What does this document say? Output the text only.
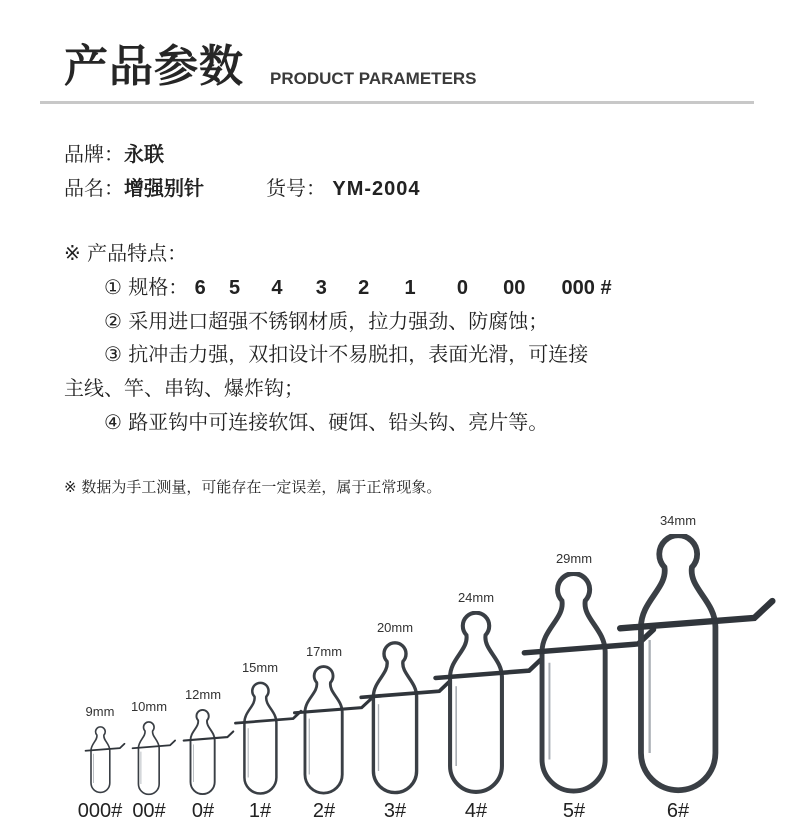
产品参数 PRODUCT PARAMETERS
品牌：永联
品名：增强别针	货号： YM-2004
※ 产品特点：
① 规格： 6 5 4 3 2 1 0 00 000 #
② 采用进口超强不锈钢材质，拉力强劲、防腐蚀；
③ 抗冲击力强，双扣设计不易脱扣，表面光滑，可连接
主线、竿、串钩、爆炸钩；
④ 路亚钩中可连接软饵、硬饵、铅头钩、亮片等。
※ 数据为手工测量，可能存在一定误差，属于正常现象。
9mm
000#
10mm
00#
12mm
0#
15mm
1#
17mm
2#
20mm
3#
24mm
4#
29mm
5#
34mm
6#
